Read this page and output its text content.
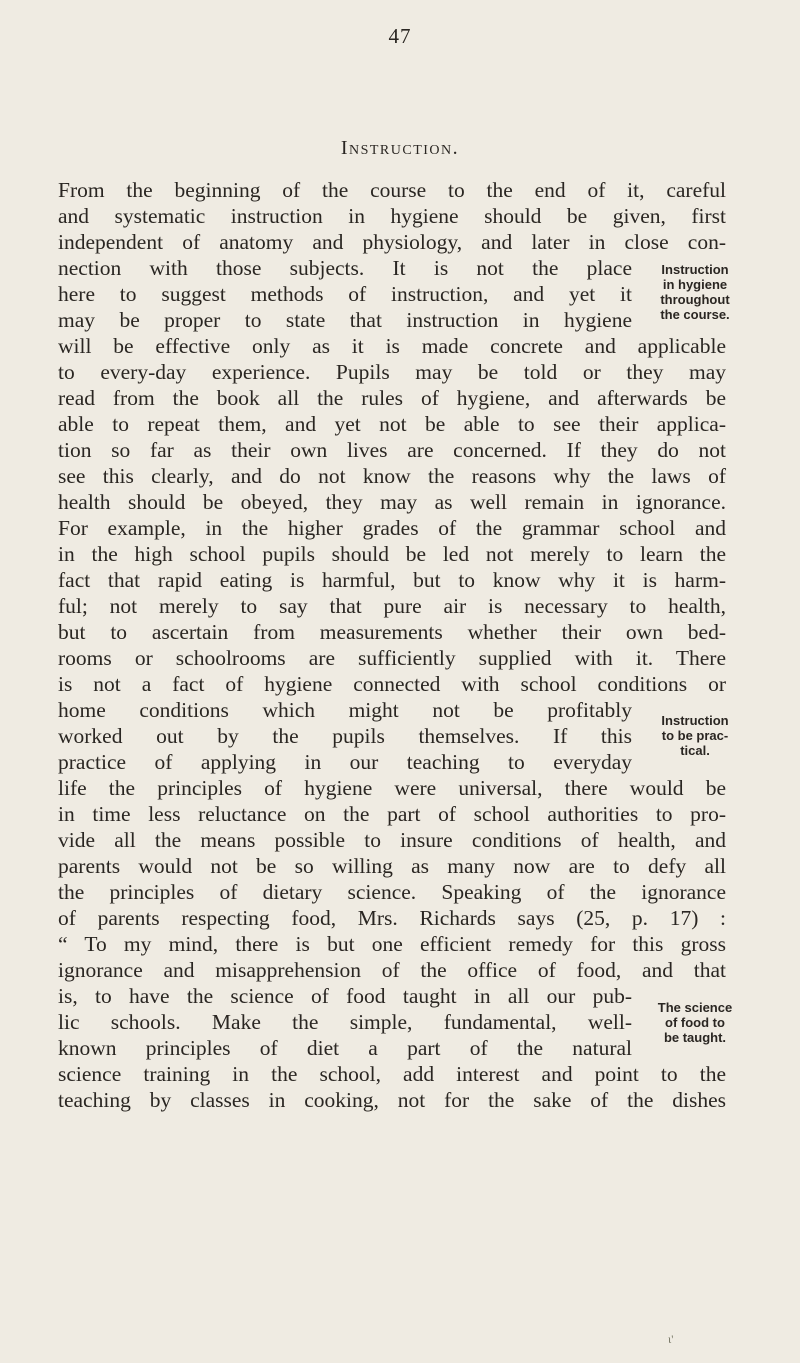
47
Instruction.
From the beginning of the course to the end of it, careful
and systematic instruction in hygiene should be given, first
independent of anatomy and physiology, and later in close con-
nection with those subjects. It is not the place
here to suggest methods of instruction, and yet it
may be proper to state that instruction in hygiene
will be effective only as it is made concrete and applicable
to every-day experience. Pupils may be told or they may
read from the book all the rules of hygiene, and afterwards be
able to repeat them, and yet not be able to see their applica-
tion so far as their own lives are concerned. If they do not
see this clearly, and do not know the reasons why the laws of
health should be obeyed, they may as well remain in ignorance.
For example, in the higher grades of the grammar school and
in the high school pupils should be led not merely to learn the
fact that rapid eating is harmful, but to know why it is harm-
ful; not merely to say that pure air is necessary to health,
but to ascertain from measurements whether their own bed-
rooms or schoolrooms are sufficiently supplied with it. There
is not a fact of hygiene connected with school conditions or
home conditions which might not be profitably
worked out by the pupils themselves. If this
practice of applying in our teaching to everyday
life the principles of hygiene were universal, there would be
in time less reluctance on the part of school authorities to pro-
vide all the means possible to insure conditions of health, and
parents would not be so willing as many now are to defy all
the principles of dietary science. Speaking of the ignorance
of parents respecting food, Mrs. Richards says (25, p. 17) :
“ To my mind, there is but one efficient remedy for this gross
ignorance and misapprehension of the office of food, and that
is, to have the science of food taught in all our pub-
lic schools. Make the simple, fundamental, well-
known principles of diet a part of the natural
science training in the school, add interest and point to the
teaching by classes in cooking, not for the sake of the dishes
Instruction
in hygiene
throughout
the course.
Instruction
to be prac-
tical.
The science
of food to
be taught.
ι'
